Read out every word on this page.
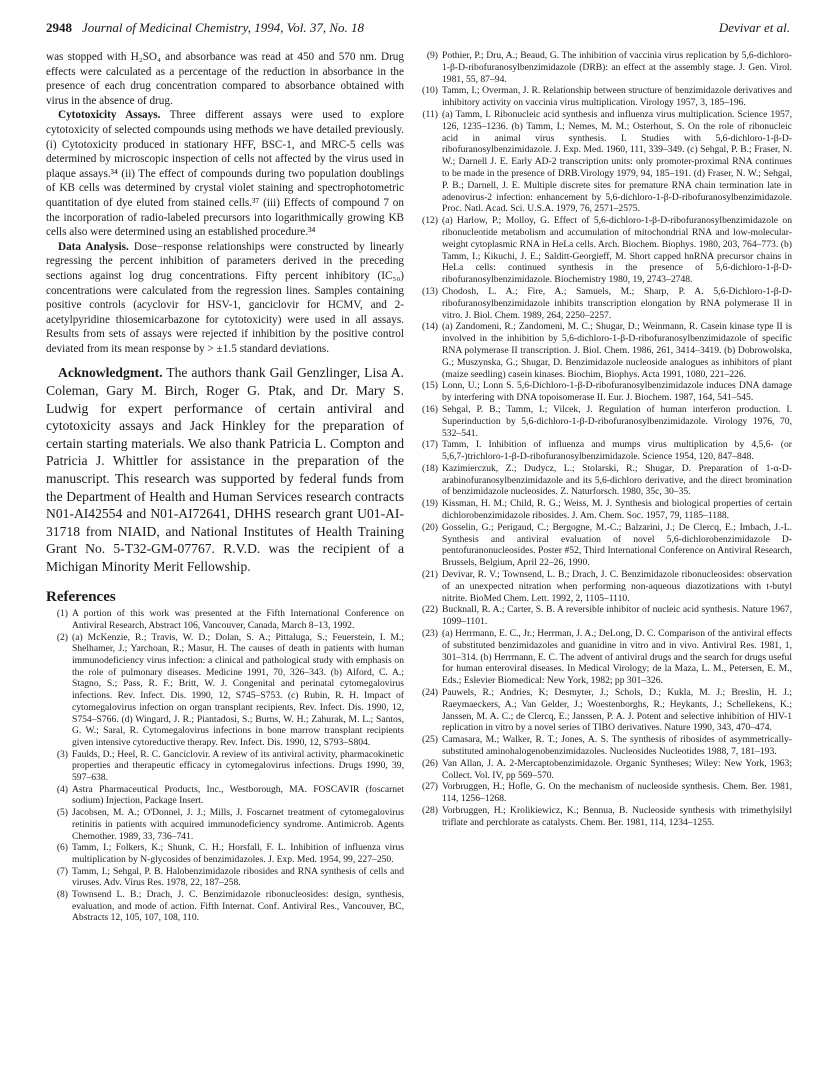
2948 Journal of Medicinal Chemistry, 1994, Vol. 37, No. 18	Devivar et al.

was stopped with H₂SO₄ and absorbance was read at 450 and 570 nm. Drug effects were calculated as a percentage of the reduction in absorbance in the presence of each drug concentration compared to absorbance obtained with virus in the absence of drug.

Cytotoxicity Assays. Three different assays were used to explore cytotoxicity of selected compounds using methods we have detailed previously. (i) Cytotoxicity produced in stationary HFF, BSC-1, and MRC-5 cells was determined by microscopic inspection of cells not affected by the virus used in plaque assays.³⁴ (ii) The effect of compounds during two population doublings of KB cells was determined by crystal violet staining and spectrophotometric quantitation of dye eluted from stained cells.³⁷ (iii) Effects of compound 7 on the incorporation of radio-labeled precursors into logarithmically growing KB cells also were determined using an established procedure.³⁴

Data Analysis. Dose−response relationships were constructed by linearly regressing the percent inhibition of parameters derived in the preceding sections against log drug concentrations. Fifty percent inhibitory (IC₅₀) concentrations were calculated from the regression lines. Samples containing positive controls (acyclovir for HSV-1, ganciclovir for HCMV, and 2-acetylpyridine thiosemicarbazone for cytotoxicity) were used in all assays. Results from sets of assays were rejected if inhibition by the positive control deviated from its mean response by > ±1.5 standard deviations.

Acknowledgment. The authors thank Gail Genzlinger, Lisa A. Coleman, Gary M. Birch, Roger G. Ptak, and Dr. Mary S. Ludwig for expert performance of certain antiviral and cytotoxicity assays and Jack Hinkley for the preparation of certain starting materials. We also thank Patricia L. Compton and Patricia J. Whittler for assistance in the preparation of the manuscript. This research was supported by federal funds from the Department of Health and Human Services research contracts N01-AI42554 and N01-AI72641, DHHS research grant U01-AI-31718 from NIAID, and National Institutes of Health Training Grant No. 5-T32-GM-07767. R.V.D. was the recipient of a Michigan Minority Merit Fellowship.

References
(1) A portion of this work was presented at the Fifth International Conference on Antiviral Research, Abstract 106, Vancouver, Canada, March 8–13, 1992.
(2) (a) McKenzie, R.; Travis, W. D.; Dolan, S. A.; Pittaluga, S.; Feuerstein, I. M.; Shelhamer, J.; Yarchoan, R.; Masur, H. The causes of death in patients with human immunodeficiency virus infection: a clinical and pathological study with emphasis on the role of pulmonary diseases. Medicine 1991, 70, 326–343. (b) Alford, C. A.; Stagno, S.; Pass, R. F.; Britt, W. J. Congenital and perinatal cytomegalovirus infections. Rev. Infect. Dis. 1990, 12, S745–S753. (c) Rubin, R. H. Impact of cytomegalovirus infection on organ transplant recipients, Rev. Infect. Dis. 1990, 12, S754–S766. (d) Wingard, J. R.; Piantadosi, S.; Burns, W. H.; Zahurak, M. L.; Santos, G. W.; Saral, R. Cytomegalovirus infections in bone marrow transplant recipients given intensive cytoreductive therapy. Rev. Infect. Dis. 1990, 12, S793–S804.
(3) Faulds, D.; Heel, R. C. Ganciclovir. A review of its antiviral activity, pharmacokinetic properties and therapeutic efficacy in cytomegalovirus infections. Drugs 1990, 39, 597–638.
(4) Astra Pharmaceutical Products, Inc., Westborough, MA. FOSCAVIR (foscarnet sodium) Injection, Package Insert.
(5) Jacobsen, M. A.; O'Donnel, J. J.; Mills, J. Foscarnet treatment of cytomegalovirus retinitis in patients with acquired immunodeficiency syndrome. Antimicrob. Agents Chemother. 1989, 33, 736–741.
(6) Tamm, I.; Folkers, K.; Shunk, C. H.; Horsfall, F. L. Inhibition of influenza virus multiplication by N-glycosides of benzimidazoles. J. Exp. Med. 1954, 99, 227–250.
(7) Tamm, I.; Sehgal, P. B. Halobenzimidazole ribosides and RNA synthesis of cells and viruses. Adv. Virus Res. 1978, 22, 187–258.
(8) Townsend L. B.; Drach, J. C. Benzimidazole ribonucleosides: design, synthesis, evaluation, and mode of action. Fifth Internat. Conf. Antiviral Res., Vancouver, BC, Abstracts 12, 105, 107, 108, 110.
(9) Pothier, P.; Dru, A.; Beaud, G. The inhibition of vaccinia virus replication by 5,6-dichloro-1-β-D-ribofuranosylbenzimidazole (DRB): an effect at the assembly stage. J. Gen. Virol. 1981, 55, 87–94.
(10) Tamm, I.; Overman, J. R. Relationship between structure of benzimidazole derivatives and inhibitory activity on vaccinia virus multiplication. Virology 1957, 3, 185–196.
(11) (a) Tamm, I. Ribonucleic acid synthesis and influenza virus multiplication. Science 1957, 126, 1235–1236. (b) Tamm, I.; Nemes, M. M.; Osterhout, S. On the role of ribonucleic acid in animal virus synthesis. I. Studies with 5,6-dichloro-1-β-D-ribofuranosylbenzimidazole. J. Exp. Med. 1960, 111, 339–349. (c) Sehgal, P. B.; Fraser, N. W.; Darnell J. E. Early AD-2 transcription units: only promoter-proximal RNA continues to be made in the presence of DRB.Virology 1979, 94, 185–191. (d) Fraser, N. W.; Sehgal, P. B.; Darnell, J. E. Multiple discrete sites for premature RNA chain termination late in adenovirus-2 infection: enhancement by 5,6-dichloro-1-β-D-ribofuranosylbenzimidazole. Proc. Natl. Acad. Sci. U.S.A. 1979, 76, 2571–2575.
(12) (a) Harlow, P.; Molloy, G. Effect of 5,6-dichloro-1-β-D-ribofuranosylbenzimidazole on ribonucleotide metabolism and accumulation of mitochondrial RNA and low-molecular-weight cytoplasmic RNA in HeLa cells. Arch. Biochem. Biophys. 1980, 203, 764–773. (b) Tamm, I.; Kikuchi, J. E.; Salditt-Georgieff, M. Short capped hnRNA precursor chains in HeLa cells: continued synthesis in the presence of 5,6-dichloro-1-β-D-ribofuranosylbenzimidazole. Biochemistry 1980, 19, 2743–2748.
(13) Chodosh, L. A.; Fire, A.; Samuels, M.; Sharp, P. A. 5,6-Dichloro-1-β-D-ribofuranosylbenzimidazole inhibits transcription elongation by RNA polymerase II in vitro. J. Biol. Chem. 1989, 264, 2250–2257.
(14) (a) Zandomeni, R.; Zandomeni, M. C.; Shugar, D.; Weinmann, R. Casein kinase type II is involved in the inhibition by 5,6-dichloro-1-β-D-ribofuranosylbenzimidazole of specific RNA polymerase II transcription. J. Biol. Chem. 1986, 261, 3414–3419. (b) Dobrowolska, G.; Muszynska, G.; Shugar, D. Benzimidazole nucleoside analogues as inhibitors of plant (maize seedling) casein kinases. Biochim, Biophys. Acta 1991, 1080, 221–226.
(15) Lonn, U.; Lonn S. 5,6-Dichloro-1-β-D-ribofuranosylbenzimidazole induces DNA damage by interfering with DNA topoisomerase II. Eur. J. Biochem. 1987, 164, 541–545.
(16) Sehgal, P. B.; Tamm, I.; Vilcek, J. Regulation of human interferon production. I. Superinduction by 5,6-dichloro-1-β-D-ribofuranosylbenzimidazole. Virology 1976, 70, 532–541.
(17) Tamm, I. Inhibition of influenza and mumps virus multiplication by 4,5,6- (or 5,6,7-)trichloro-1-β-D-ribofuranosylbenzimidazole. Science 1954, 120, 847–848.
(18) Kazimierczuk, Z.; Dudycz, L.; Stolarski, R.; Shugar, D. Preparation of 1-α-D-arabinofuranosylbenzimidazole and its 5,6-dichloro derivative, and the direct bromination of benzimidazole nucleosides. Z. Naturforsch. 1980, 35c, 30–35.
(19) Kissman, H. M.; Child, R. G.; Weiss, M. J. Synthesis and biological properties of certain dichlorobenzimidazole ribosides. J. Am. Chem. Soc. 1957, 79, 1185–1188.
(20) Gosselin, G.; Perigaud, C.; Bergogne, M.-C.; Balzarini, J.; De Clercq, E.; Imbach, J.-L. Synthesis and antiviral evaluation of novel 5,6-dichlorobenzimidazole D-pentofuranonucleosides. Poster #52, Third International Conference on Antiviral Research, Brussels, Belgium, April 22–26, 1990.
(21) Devivar, R. V.; Townsend, L. B.; Drach, J. C. Benzimidazole ribonucleosides: observation of an unexpected nitration when performing non-aqueous diazotizations with t-butyl nitrite. BioMed Chem. Lett. 1992, 2, 1105–1110.
(22) Bucknall, R. A.; Carter, S. B. A reversible inhibitor of nucleic acid synthesis. Nature 1967, 1099–1101.
(23) (a) Herrmann, E. C., Jr.; Herrman, J. A.; DeLong, D. C. Comparison of the antiviral effects of substituted benzimidazoles and guanidine in vitro and in vivo. Antiviral Res. 1981, 1, 301–314. (b) Herrmann, E. C. The advent of antiviral drugs and the search for drugs useful for human enteroviral diseases. In Medical Virology; de la Maza, L. M., Petersen, E. M., Eds.; Eslevier Biomedical: New York, 1982; pp 301–326.
(24) Pauwels, R.; Andries, K; Desmyter, J.; Schols, D.; Kukla, M. J.; Breslin, H. J.; Raeymaeckers, A.; Van Gelder, J.; Woestenborghs, R.; Heykants, J.; Schellekens, K.; Janssen, M. A. C.; de Clercq, E.; Janssen, P. A. J. Potent and selective inhibition of HIV-1 replication in vitro by a novel series of TIBO derivatives. Nature 1990, 343, 470–474.
(25) Camasara, M.; Walker, R. T.; Jones, A. S. The synthesis of ribosides of asymmetrically-substituted aminohalogenobenzimidazoles. Nucleosides Nucleotides 1988, 7, 181–193.
(26) Van Allan, J. A. 2-Mercaptobenzimidazole. Organic Syntheses; Wiley: New York, 1963; Collect. Vol. IV, pp 569–570.
(27) Vorbruggen, H.; Hofle, G. On the mechanism of nucleoside synthesis. Chem. Ber. 1981, 114, 1256–1268.
(28) Vorbruggen, H.; Krolikiewicz, K.; Bennua, B. Nucleoside synthesis with trimethylsilyl triflate and perchlorate as catalysts. Chem. Ber. 1981, 114, 1234–1255.
